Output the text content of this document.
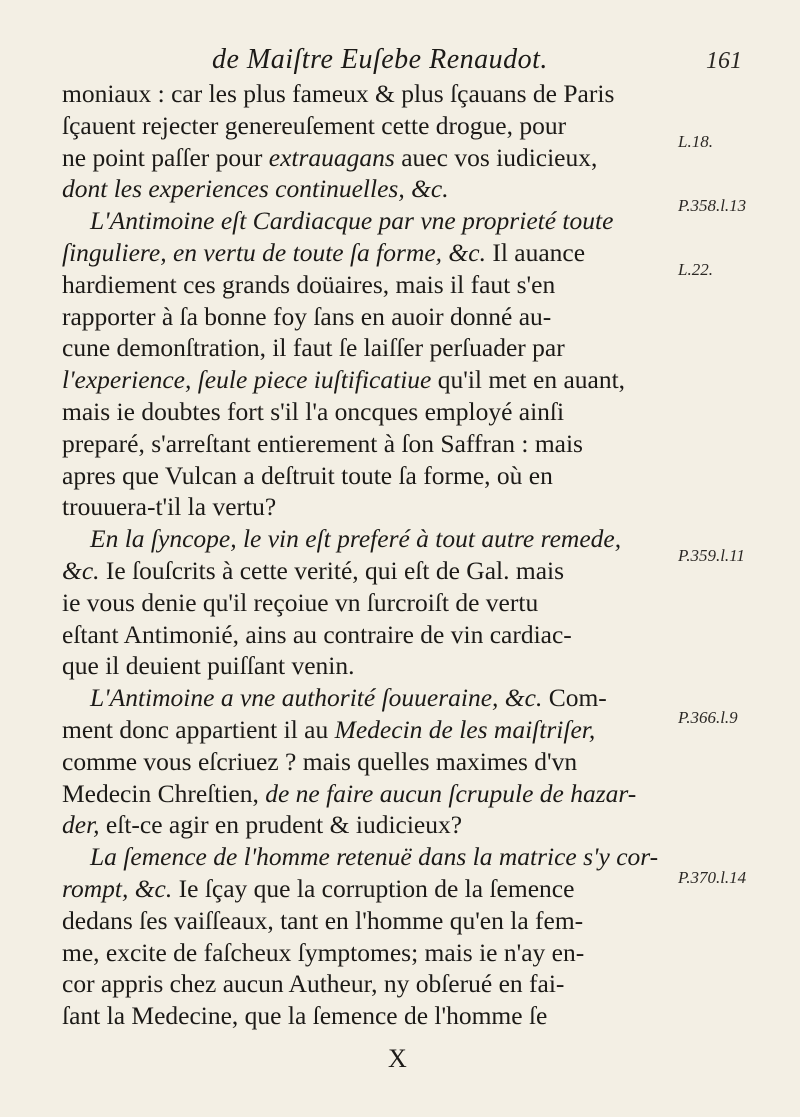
de Maiſtre Euſebe Renaudot.	161
moniaux : car les plus fameux & plus ſçauans de Paris
ſçauent rejecter genereuſement cette drogue, pour
ne point paſſer pour extrauagans auec vos iudicieux,
dont les experiences continuelles, &c.
L'Antimoine eſt Cardiacque par vne proprieté toute
ſinguliere, en vertu de toute ſa forme, &c. Il auance
hardiement ces grands doüaires, mais il faut s'en
rapporter à ſa bonne foy ſans en auoir donné au-
cune demonſtration, il faut ſe laiſſer perſuader par
l'experience, ſeule piece iuſtificatiue qu'il met en auant,
mais ie doubtes fort s'il l'a oncques employé ainſi
preparé, s'arreſtant entierement à ſon Saffran : mais
apres que Vulcan a deſtruit toute ſa forme, où en
trouuera-t'il la vertu?
En la ſyncope, le vin eſt preferé à tout autre remede,
&c. Ie ſouſcrits à cette verité, qui eſt de Gal. mais
ie vous denie qu'il reçoiue vn ſurcroiſt de vertu
eſtant Antimonié, ains au contraire de vin cardiac-
que il deuient puiſſant venin.
L'Antimoine a vne authorité ſouueraine, &c. Com-
ment donc appartient il au Medecin de les maiſtriſer,
comme vous eſcriuez ? mais quelles maximes d'vn
Medecin Chreſtien, de ne faire aucun ſcrupule de hazar-
der, eſt-ce agir en prudent & iudicieux?
La ſemence de l'homme retenuë dans la matrice s'y cor-
rompt, &c. Ie ſçay que la corruption de la ſemence
dedans ſes vaiſſeaux, tant en l'homme qu'en la fem-
me, excite de faſcheux ſymptomes; mais ie n'ay en-
cor appris chez aucun Autheur, ny obſerué en fai-
ſant la Medecine, que la ſemence de l'homme ſe
L.18.
P.358.l.13
L.22.
P.359.l.11
P.366.l.9
P.370.l.14
X
